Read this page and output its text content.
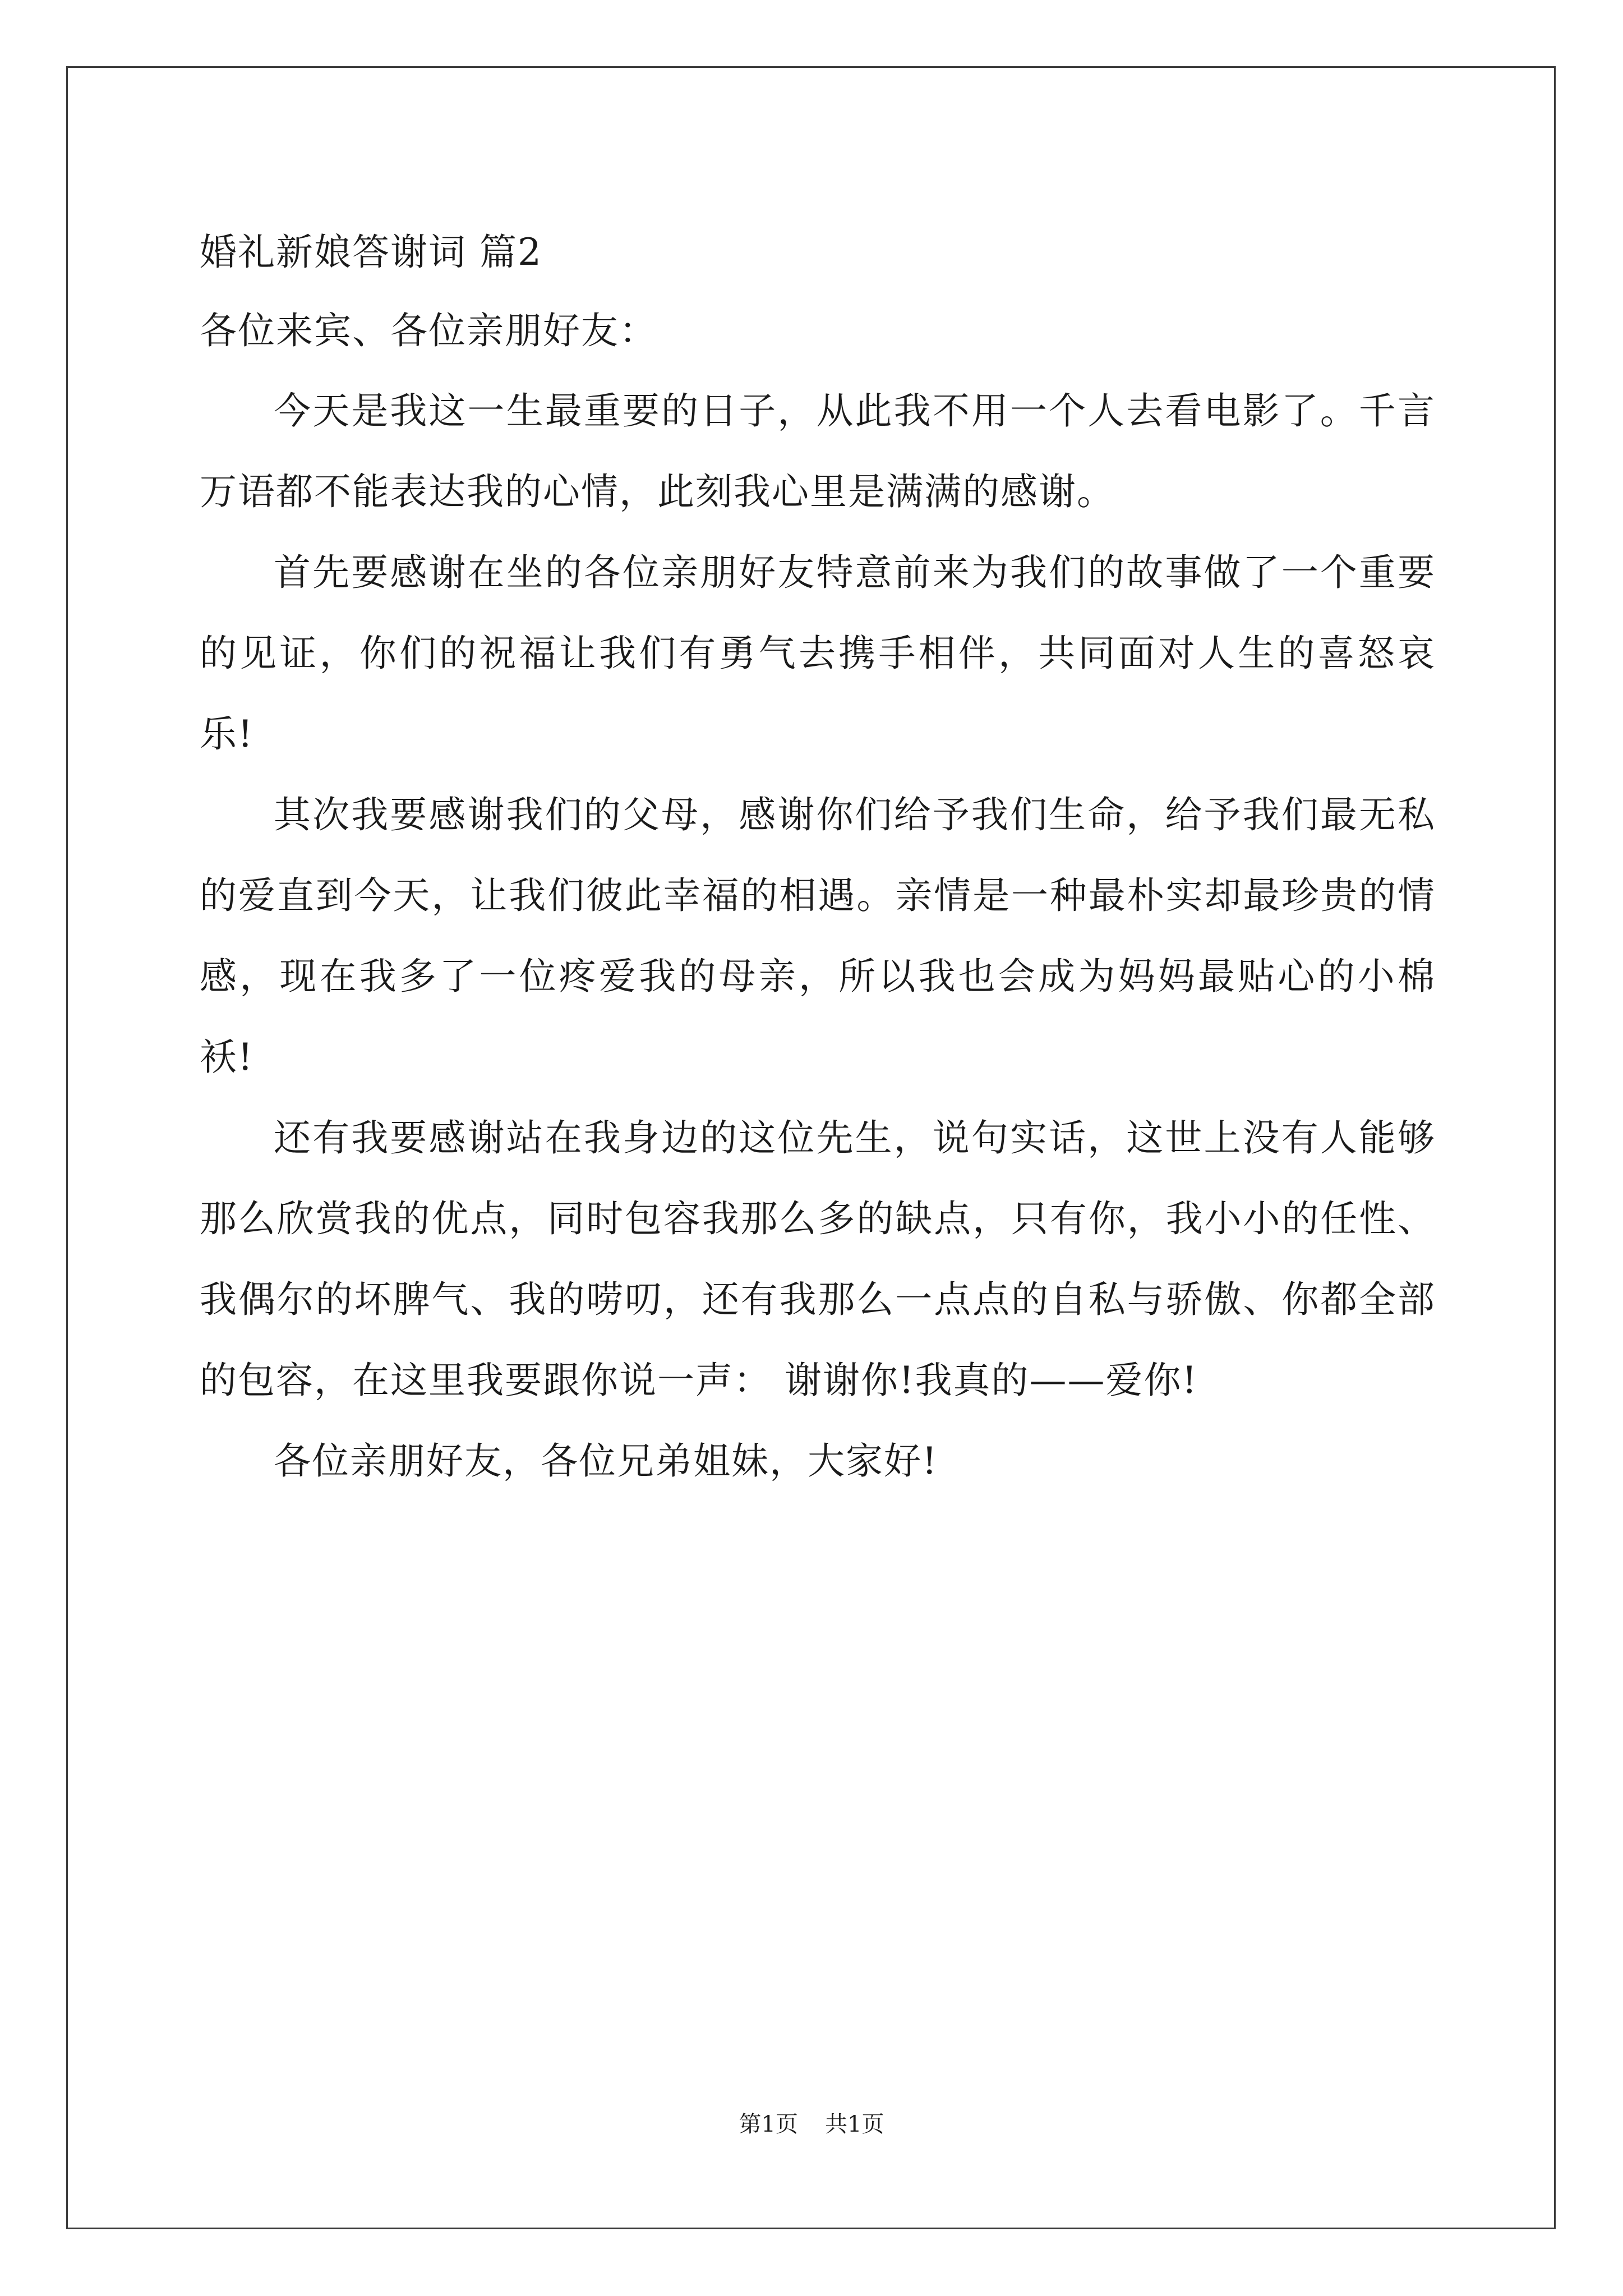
婚礼新娘答谢词 篇2
各位来宾、各位亲朋好友：

今天是我这一生最重要的日子，从此我不用一个人去看电影了。千言万语都不能表达我的心情，此刻我心里是满满的感谢。

首先要感谢在坐的各位亲朋好友特意前来为我们的故事做了一个重要的见证，你们的祝福让我们有勇气去携手相伴，共同面对人生的喜怒哀乐!

其次我要感谢我们的父母，感谢你们给予我们生命，给予我们最无私的爱直到今天，让我们彼此幸福的相遇。亲情是一种最朴实却最珍贵的情感，现在我多了一位疼爱我的母亲，所以我也会成为妈妈最贴心的小棉袄!

还有我要感谢站在我身边的这位先生，说句实话，这世上没有人能够那么欣赏我的优点，同时包容我那么多的缺点，只有你，我小小的任性、我偶尔的坏脾气、我的唠叨，还有我那么一点点的自私与骄傲、你都全部的包容，在这里我要跟你说一声： 谢谢你!我真的——爱你!

各位亲朋好友，各位兄弟姐妹，大家好!

第1页 共1页
